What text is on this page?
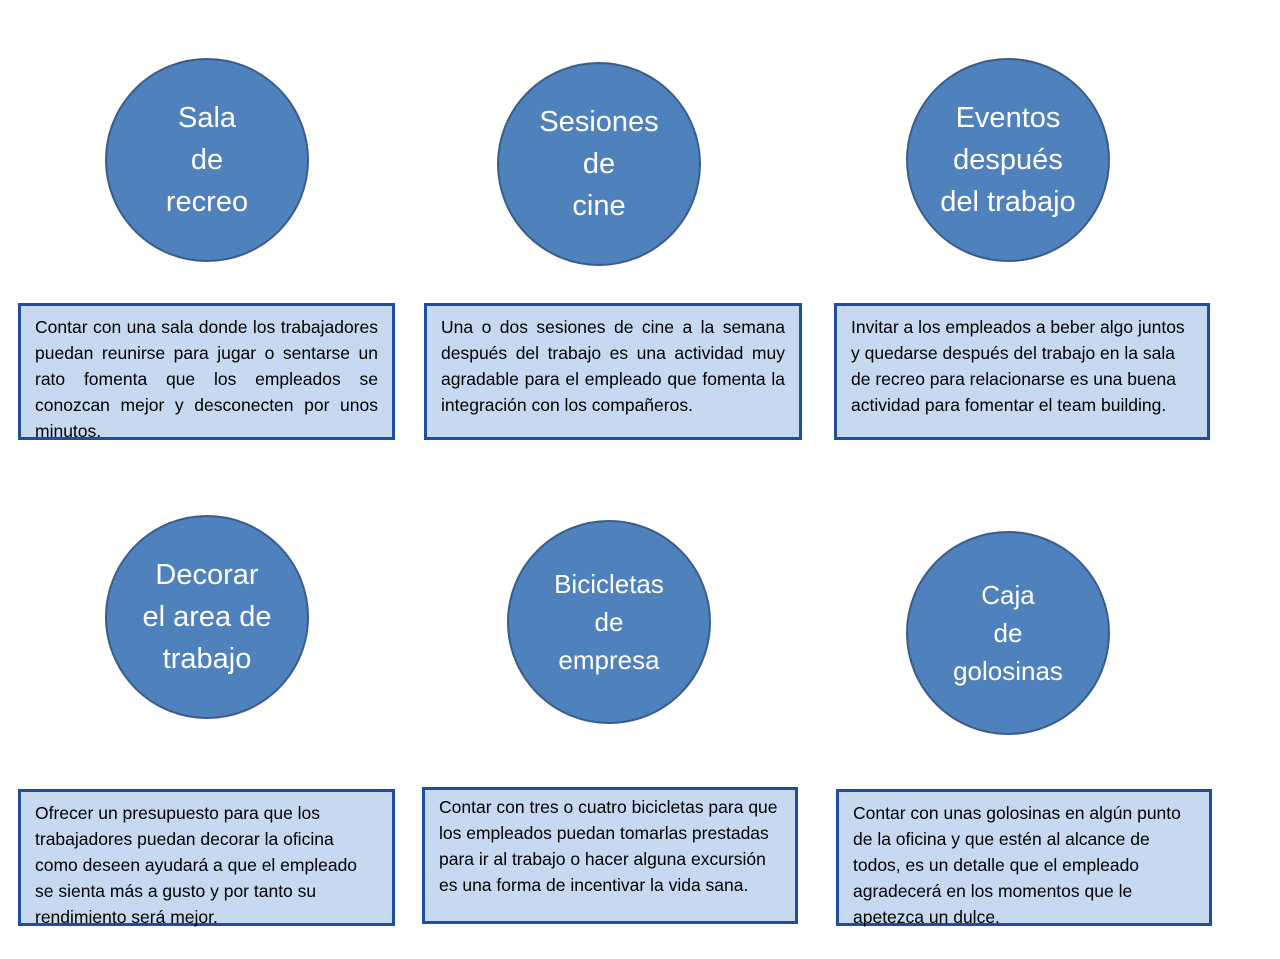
Sala
de
recreo
Sesiones
de
cine
Eventos
después
del trabajo
Contar con una sala donde los trabajadores puedan reunirse para jugar o sentarse un rato fomenta que los empleados se conozcan mejor y desconecten por unos minutos.
Una o dos sesiones de cine a la semana después del trabajo es una actividad muy agradable para el empleado que fomenta la integración con los compañeros.
Invitar a los empleados a beber algo juntos y quedarse después del trabajo en la sala de recreo para relacionarse es una buena actividad para fomentar el team building.
Decorar
el area de
trabajo
Bicicletas
de
empresa
Caja
de
golosinas
Ofrecer un presupuesto para que los trabajadores puedan decorar la oficina como deseen ayudará a que el empleado se sienta más a gusto y por tanto su rendimiento será mejor.
Contar con tres o cuatro bicicletas para que los empleados puedan tomarlas prestadas para ir al trabajo o hacer alguna excursión es una forma de incentivar la vida sana.
Contar con unas golosinas en algún punto de la oficina y que estén al alcance de todos, es un detalle que el empleado agradecerá en los momentos que le apetezca un dulce.
